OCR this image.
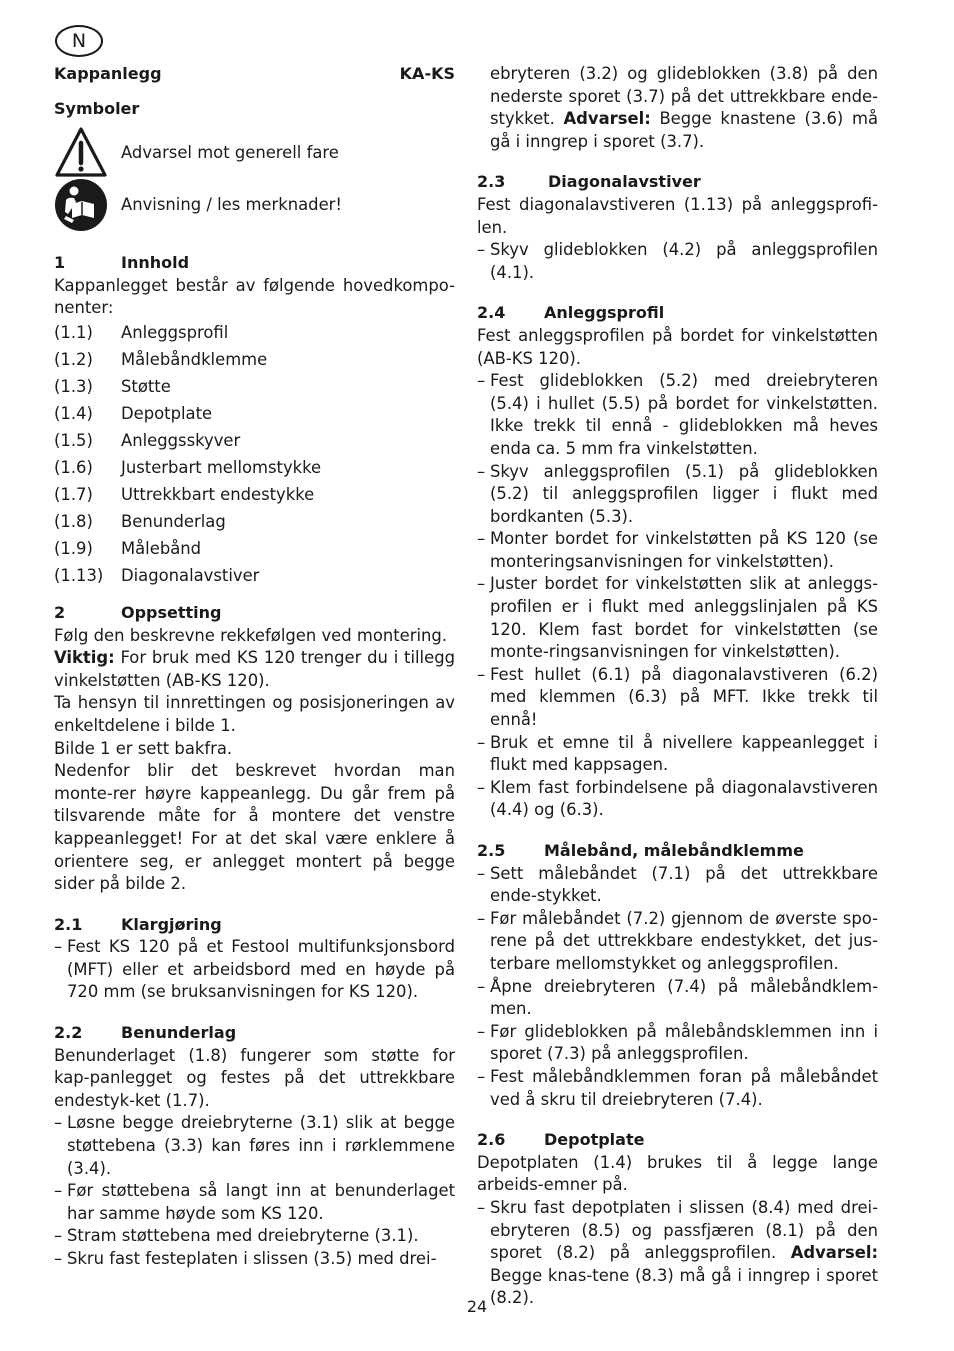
N
Kappanlegg	KA-KS

Symboler

Advarsel mot generell fare
Anvisning / les merknader!
1	Innhold

Kappanlegget består av følgende hovedkompo-nenter:

(1.1)	Anleggsprofil
(1.2)	Målebåndklemme
(1.3)	Støtte
(1.4)	Depotplate
(1.5)	Anleggsskyver
(1.6)	Justerbart mellomstykke
(1.7)	Uttrekkbart endestykke
(1.8)	Benunderlag
(1.9)	Målebånd
(1.13)	Diagonalavstiver
2	Oppsetting

Følg den beskrevne rekkefølgen ved montering.

Viktig: For bruk med KS 120 trenger du i tillegg vinkelstøtten (AB-KS 120).

Ta hensyn til innrettingen og posisjoneringen av enkeltdelene i bilde 1.

Bilde 1 er sett bakfra.

Nedenfor blir det beskrevet hvordan man monte-rer høyre kappeanlegg. Du går frem på tilsvarende måte for å montere det venstre kappeanlegget! For at det skal være enklere å orientere seg, er anlegget montert på begge sider på bilde 2.

2.1	Klargjøring

– Fest KS 120 på et Festool multifunksjonsbord (MFT) eller et arbeidsbord med en høyde på 720 mm (se bruksanvisningen for KS 120).

2.2	Benunderlag

Benunderlaget (1.8) fungerer som støtte for kap-panlegget og festes på det uttrekkbare endestyk-ket (1.7).

– Løsne begge dreiebryterne (3.1) slik at begge støttebena (3.3) kan føres inn i rørklemmene (3.4).

– Før støttebena så langt inn at benunderlaget har samme høyde som KS 120.

– Stram støttebena med dreiebryterne (3.1).

– Skru fast festeplaten i slissen (3.5) med drei-

ebryteren (3.2) og glideblokken (3.8) på den nederste sporet (3.7) på det uttrekkbare ende-stykket. Advarsel: Begge knastene (3.6) må gå i inngrep i sporet (3.7).

2.3	Diagonalavstiver

Fest diagonalavstiveren (1.13) på anleggsprofi-len.

– Skyv glideblokken (4.2) på anleggsprofilen (4.1).

2.4	Anleggsprofil

Fest anleggsprofilen på bordet for vinkelstøtten (AB-KS 120).

– Fest glideblokken (5.2) med dreiebryteren (5.4) i hullet (5.5) på bordet for vinkelstøtten. Ikke trekk til ennå - glideblokken må heves enda ca. 5 mm fra vinkelstøtten.

– Skyv anleggsprofilen (5.1) på glideblokken (5.2) til anleggsprofilen ligger i flukt med bordkanten (5.3).

– Monter bordet for vinkelstøtten på KS 120 (se monteringsanvisningen for vinkelstøtten).

– Juster bordet for vinkelstøtten slik at anleggs-profilen er i flukt med anleggslinjalen på KS 120. Klem fast bordet for vinkelstøtten (se monte-ringsanvisningen for vinkelstøtten).

– Fest hullet (6.1) på diagonalavstiveren (6.2) med klemmen (6.3) på MFT. Ikke trekk til ennå!

– Bruk et emne til å nivellere kappeanlegget i flukt med kappsagen.

– Klem fast forbindelsene på diagonalavstiveren (4.4) og (6.3).

2.5	Målebånd, målebåndklemme

– Sett målebåndet (7.1) på det uttrekkbare ende-stykket.

– Før målebåndet (7.2) gjennom de øverste spo-rene på det uttrekkbare endestykket, det jus-terbare mellomstykket og anleggsprofilen.

– Åpne dreiebryteren (7.4) på målebåndklem-men.

– Før glideblokken på målebåndsklemmen inn i sporet (7.3) på anleggsprofilen.

– Fest målebåndklemmen foran på målebåndet ved å skru til dreiebryteren (7.4).

2.6	Depotplate

Depotplaten (1.4) brukes til å legge lange arbeids-emner på.

– Skru fast depotplaten i slissen (8.4) med drei-ebryteren (8.5) og passfjæren (8.1) på den sporet (8.2) på anleggsprofilen. Advarsel: Begge knas-tene (8.3) må gå i inngrep i sporet (8.2).

24
